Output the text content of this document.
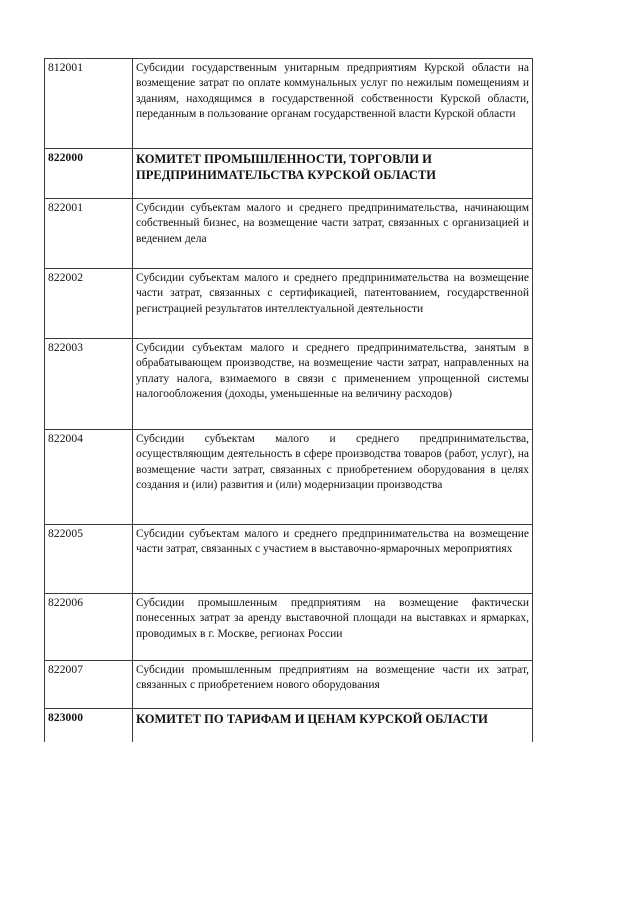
812001	Субсидии государственным унитарным предприятиям Курской области на возмещение затрат по оплате коммунальных услуг по нежилым помещениям и зданиям, находящимся в государственной собственности Курской области, переданным в пользование органам государственной власти Курской области
822000	КОМИТЕТ ПРОМЫШЛЕННОСТИ, ТОРГОВЛИ И ПРЕДПРИНИМАТЕЛЬСТВА КУРСКОЙ ОБЛАСТИ
822001	Субсидии субъектам малого и среднего предпринимательства, начинающим собственный бизнес, на возмещение части затрат, связанных с организацией и ведением дела
822002	Субсидии субъектам малого и среднего предпринимательства на возмещение части затрат, связанных с сертификацией, патентованием, государственной регистрацией результатов интеллектуальной деятельности
822003	Субсидии субъектам малого и среднего предпринимательства, занятым в обрабатывающем производстве, на возмещение части затрат, направленных на уплату налога, взимаемого в связи с применением упрощенной системы налогообложения (доходы, уменьшенные на величину расходов)
822004	Субсидии субъектам малого и среднего предпринимательства, осуществляющим деятельность в сфере производства товаров (работ, услуг), на возмещение части затрат, связанных с приобретением оборудования в целях создания и (или) развития и (или) модернизации производства
822005	Субсидии субъектам малого и среднего предпринимательства на возмещение части затрат, связанных с участием в выставочно-ярмарочных мероприятиях
822006	Субсидии промышленным предприятиям на возмещение фактически понесенных затрат за аренду выставочной площади на выставках и ярмарках, проводимых в г. Москве, регионах России
822007	Субсидии промышленным предприятиям на возмещение части их затрат, связанных с приобретением нового оборудования
823000	КОМИТЕТ ПО ТАРИФАМ И ЦЕНАМ КУРСКОЙ ОБЛАСТИ
